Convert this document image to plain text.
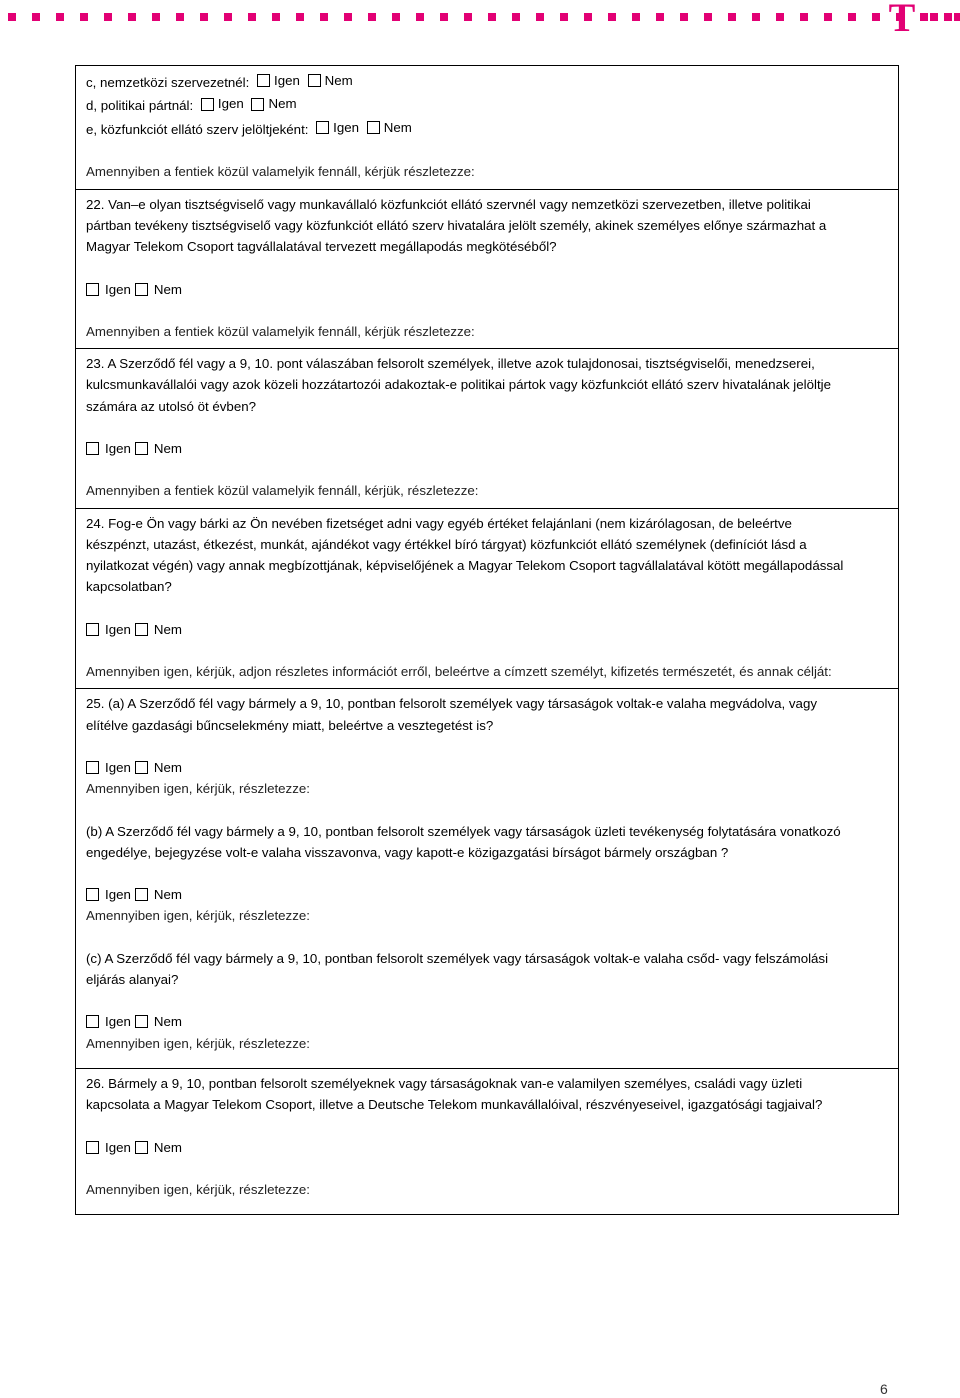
T
c, nemzetközi szervezetnél: Igen
Nem
d, politikai pártnál: Igen
Nem
e, közfunkciót ellátó szerv jelöltjeként: Igen
Nem
Amennyiben a fentiek közül valamelyik fennáll, kérjük részletezze:
22. Van–e olyan tisztségviselő vagy munkavállaló közfunkciót ellátó szervnél vagy nemzetközi szervezetben, illetve politikai
pártban tevékeny tisztségviselő vagy közfunkciót ellátó szerv hivatalára jelölt személy, akinek személyes előnye származhat a
Magyar Telekom Csoport tagvállalatával tervezett megállapodás megkötéséből?
Igen Nem
Amennyiben a fentiek közül valamelyik fennáll, kérjük részletezze:
23. A Szerződő fél vagy a 9, 10. pont válaszában felsorolt személyek, illetve azok tulajdonosai, tisztségviselői, menedzserei,
kulcsmunkavállalói vagy azok közeli hozzátartozói adakoztak-e politikai pártok vagy közfunkciót ellátó szerv hivatalának jelöltje
számára az utolsó öt évben?
Igen Nem
Amennyiben a fentiek közül valamelyik fennáll, kérjük, részletezze:
24. Fog-e Ön vagy bárki az Ön nevében fizetséget adni vagy egyéb értéket felajánlani (nem kizárólagosan, de beleértve
készpénzt, utazást, étkezést, munkát, ajándékot vagy értékkel bíró tárgyat) közfunkciót ellátó személynek (definíciót lásd a
nyilatkozat végén) vagy annak megbízottjának, képviselőjének a Magyar Telekom Csoport tagvállalatával kötött megállapodással
kapcsolatban?
Igen Nem
Amennyiben igen, kérjük, adjon részletes információt erről, beleértve a címzett személyt, kifizetés természetét, és annak célját:
25. (a) A Szerződő fél vagy bármely a 9, 10, pontban felsorolt személyek vagy társaságok voltak-e valaha megvádolva, vagy
elítélve gazdasági bűncselekmény miatt, beleértve a vesztegetést is?
Igen Nem
Amennyiben igen, kérjük, részletezze:
(b) A Szerződő fél vagy bármely a 9, 10, pontban felsorolt személyek vagy társaságok üzleti tevékenység folytatására vonatkozó
engedélye, bejegyzése volt-e valaha visszavonva, vagy kapott-e közigazgatási bírságot bármely országban ?
Igen Nem
Amennyiben igen, kérjük, részletezze:
(c) A Szerződő fél vagy bármely a 9, 10, pontban felsorolt személyek vagy társaságok voltak-e valaha csőd- vagy felszámolási
eljárás alanyai?
Igen Nem
Amennyiben igen, kérjük, részletezze:
26. Bármely a 9, 10, pontban felsorolt személyeknek vagy társaságoknak van-e valamilyen személyes, családi vagy üzleti
kapcsolata a Magyar Telekom Csoport, illetve a Deutsche Telekom munkavállalóival, részvényeseivel, igazgatósági tagjaival?
Igen Nem
Amennyiben igen, kérjük, részletezze:
6
